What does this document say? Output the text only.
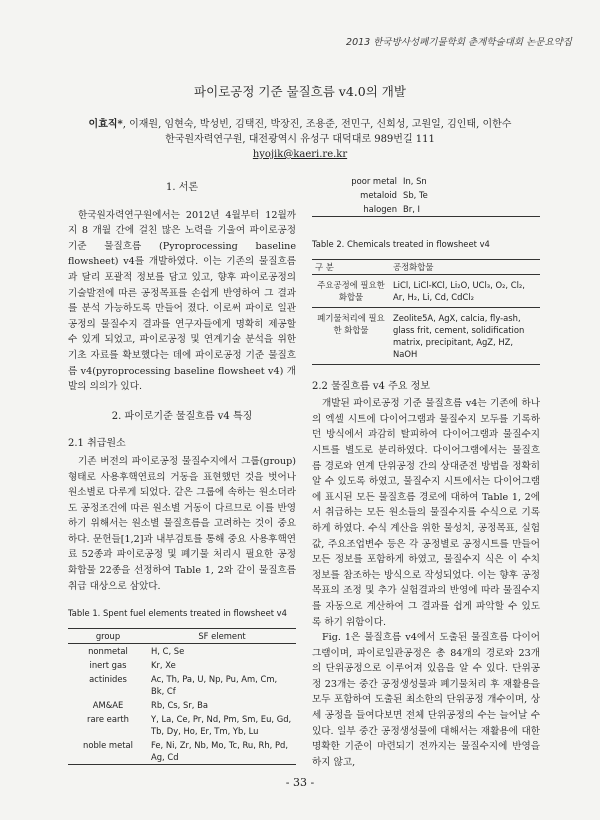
2013 한국방사성폐기물학회 춘계학술대회 논문요약집
파이로공정 기준 물질흐름 v4.0의 개발
이효직*, 이재원, 임현숙, 박성빈, 김택진, 박장진, 조용준, 전민구, 신희성, 고원일, 김인태, 이한수
한국원자력연구원, 대전광역시 유성구 대덕대로 989번길 111
hyojik@kaeri.re.kr
1. 서론

한국원자력연구원에서는 2012년 4월부터 12월까지 8 개월 간에 걸친 많은 노력을 기울여 파이로공정 기준 물질흐름 (Pyroprocessing baseline flowsheet) v4를 개발하였다. 이는 기존의 물질흐름과 달리 포괄적 정보를 담고 있고, 향후 파이로공정의 기술발전에 따른 공정목표를 손쉽게 반영하여 그 결과를 분석 가능하도록 만들어 졌다. 이로써 파이로 일관공정의 물질수지 결과를 연구자들에게 명확히 제공할 수 있게 되었고, 파이로공정 및 연계기술 분석을 위한 기초 자료를 확보했다는 데에 파이로공정 기준 물질흐름 v4(pyroprocessing baseline flowsheet v4) 개발의 의의가 있다.

2. 파이로기준 물질흐름 v4 특징
2.1 취급원소

기존 버전의 파이로공정 물질수지에서 그룹(group) 형태로 사용후핵연료의 거동을 표현했던 것을 벗어나 원소별로 다루게 되었다. 같은 그룹에 속하는 원소더라도 공정조건에 따른 원소별 거동이 다르므로 이를 반영하기 위해서는 원소별 물질흐름을 고려하는 것이 중요하다. 문헌들[1,2]과 내부검토를 통해 중요 사용후핵연료 52종과 파이로공정 및 폐기물 처리시 필요한 공정화합물 22종을 선정하여 Table 1, 2와 같이 물질흐름 취급 대상으로 삼았다.

Table 1. Spent fuel elements treated in flowsheet v4
group	SF element
nonmetal	H, C, Se
inert gas	Kr, Xe
actinides	Ac, Th, Pa, U, Np, Pu, Am, Cm, Bk, Cf
AM&AE	Rb, Cs, Sr, Ba
rare earth	Y, La, Ce, Pr, Nd, Pm, Sm, Eu, Gd, Tb, Dy, Ho, Er, Tm, Yb, Lu
noble metal	Fe, Ni, Zr, Nb, Mo, Tc, Ru, Rh, Pd, Ag, Cd
poor metal	In, Sn
metaloid	Sb, Te
halogen	Br, I
Table 2. Chemicals treated in flowsheet v4
구 분	공정화합물
주요공정에 필요한 화합물	LiCl, LiCl-KCl, Li₂O, UCl₃, O₂, Cl₂, Ar, H₂, Li, Cd, CdCl₂
폐기물처리에 필요한 화합물	Zeolite5A, AgX, calcia, fly-ash, glass frit, cement, solidification matrix, precipitant, AgZ, HZ, NaOH
2.2 물질흐름 v4 주요 정보

개발된 파이로공정 기준 물질흐름 v4는 기존에 하나의 엑셀 시트에 다이어그램과 물질수지 모두를 기록하던 방식에서 과감히 탈피하여 다이어그램과 물질수지 시트를 별도로 분리하였다. 다이어그램에서는 물질흐름 경로와 연계 단위공정 간의 상대준전 방법을 정확히 알 수 있도록 하였고, 물질수지 시트에서는 다이어그램에 표시된 모든 물질흐름 경로에 대하여 Table 1, 2에서 취급하는 모든 원소들의 물질수지를 수식으로 기록하게 하였다. 수식 계산을 위한 물성치, 공정목표, 실험값, 주요조업변수 등은 각 공정별로 공정시트를 만들어 모든 정보를 포함하게 하였고, 물질수지 식은 이 수치 정보를 참조하는 방식으로 작성되었다. 이는 향후 공정목표의 조정 및 추가 실험결과의 반영에 따라 물질수지를 자동으로 계산하여 그 결과를 쉽게 파악할 수 있도록 하기 위함이다.

Fig. 1은 물질흐름 v4에서 도출된 물질흐름 다이어그램이며, 파이로일관공정은 총 84개의 경로와 23개의 단위공정으로 이루어져 있음을 알 수 있다. 단위공정 23개는 중간 공정생성물과 폐기물처리 후 재활용을 모두 포함하여 도출된 최소한의 단위공정 개수이며, 상세 공정을 들여다보면 전체 단위공정의 수는 늘어날 수 있다. 일부 중간 공정생성물에 대해서는 재활용에 대한 명확한 기준이 마련되기 전까지는 물질수지에 반영을 하지 않고,

- 33 -
